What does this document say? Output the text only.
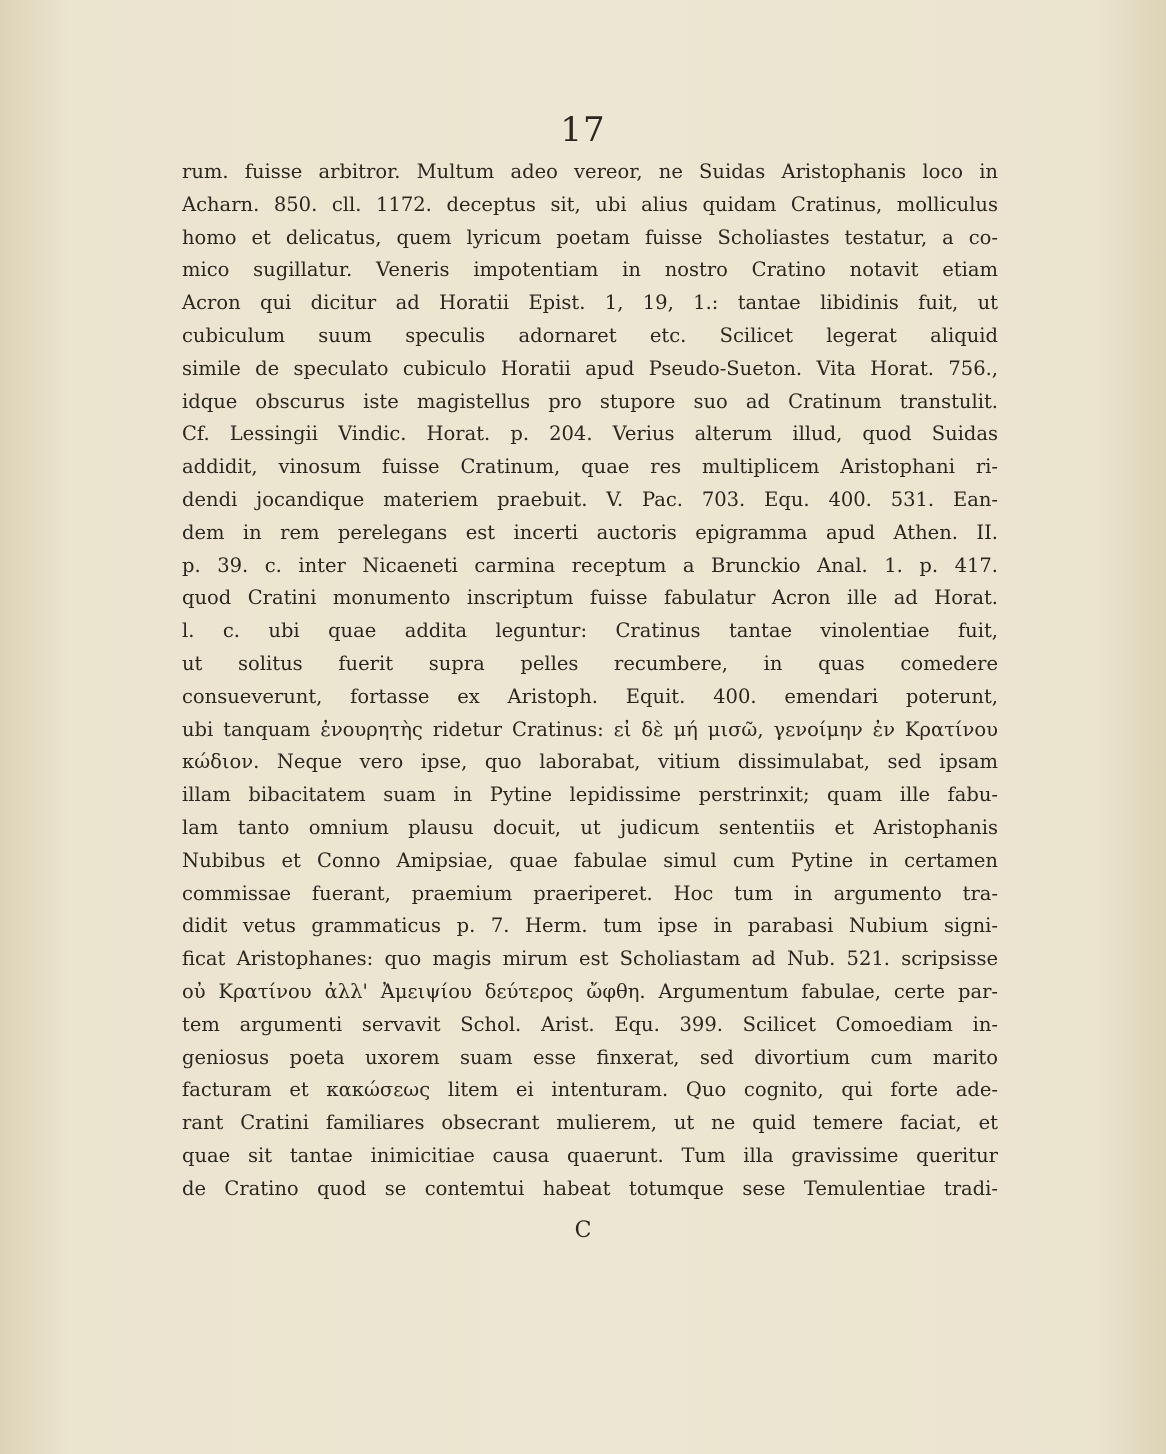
17
rum. fuisse arbitror. Multum adeo vereor, ne Suidas Aristophanis loco in
Acharn. 850. cll. 1172. deceptus sit, ubi alius quidam Cratinus, molliculus
homo et delicatus, quem lyricum poetam fuisse Scholiastes testatur, a co-
mico sugillatur. Veneris impotentiam in nostro Cratino notavit etiam
Acron qui dicitur ad Horatii Epist. 1, 19, 1.: tantae libidinis fuit, ut
cubiculum suum speculis adornaret etc. Scilicet legerat aliquid
simile de speculato cubiculo Horatii apud Pseudo-Sueton. Vita Horat. 756.,
idque obscurus iste magistellus pro stupore suo ad Cratinum transtulit.
Cf. Lessingii Vindic. Horat. p. 204. Verius alterum illud, quod Suidas
addidit, vinosum fuisse Cratinum, quae res multiplicem Aristophani ri-
dendi jocandique materiem praebuit. V. Pac. 703. Equ. 400. 531. Ean-
dem in rem perelegans est incerti auctoris epigramma apud Athen. II.
p. 39. c. inter Nicaeneti carmina receptum a Brunckio Anal. 1. p. 417.
quod Cratini monumento inscriptum fuisse fabulatur Acron ille ad Horat.
l. c. ubi quae addita leguntur: Cratinus tantae vinolentiae fuit,
ut solitus fuerit supra pelles recumbere, in quas comedere
consueverunt, fortasse ex Aristoph. Equit. 400. emendari poterunt,
ubi tanquam ἐνουρητὴς ridetur Cratinus: εἰ δὲ μή μισῶ, γενοίμην ἐν Κρατίνου
κώδιον. Neque vero ipse, quo laborabat, vitium dissimulabat, sed ipsam
illam bibacitatem suam in Pytine lepidissime perstrinxit; quam ille fabu-
lam tanto omnium plausu docuit, ut judicum sententiis et Aristophanis
Nubibus et Conno Amipsiae, quae fabulae simul cum Pytine in certamen
commissae fuerant, praemium praeriperet. Hoc tum in argumento tra-
didit vetus grammaticus p. 7. Herm. tum ipse in parabasi Nubium signi-
ficat Aristophanes: quo magis mirum est Scholiastam ad Nub. 521. scripsisse
οὐ Κρατίνου ἀλλ' Ἀμειψίου δεύτερος ὤφθη. Argumentum fabulae, certe par-
tem argumenti servavit Schol. Arist. Equ. 399. Scilicet Comoediam in-
geniosus poeta uxorem suam esse finxerat, sed divortium cum marito
facturam et κακώσεως litem ei intenturam. Quo cognito, qui forte ade-
rant Cratini familiares obsecrant mulierem, ut ne quid temere faciat, et
quae sit tantae inimicitiae causa quaerunt. Tum illa gravissime queritur
de Cratino quod se contemtui habeat totumque sese Temulentiae tradi-
C
